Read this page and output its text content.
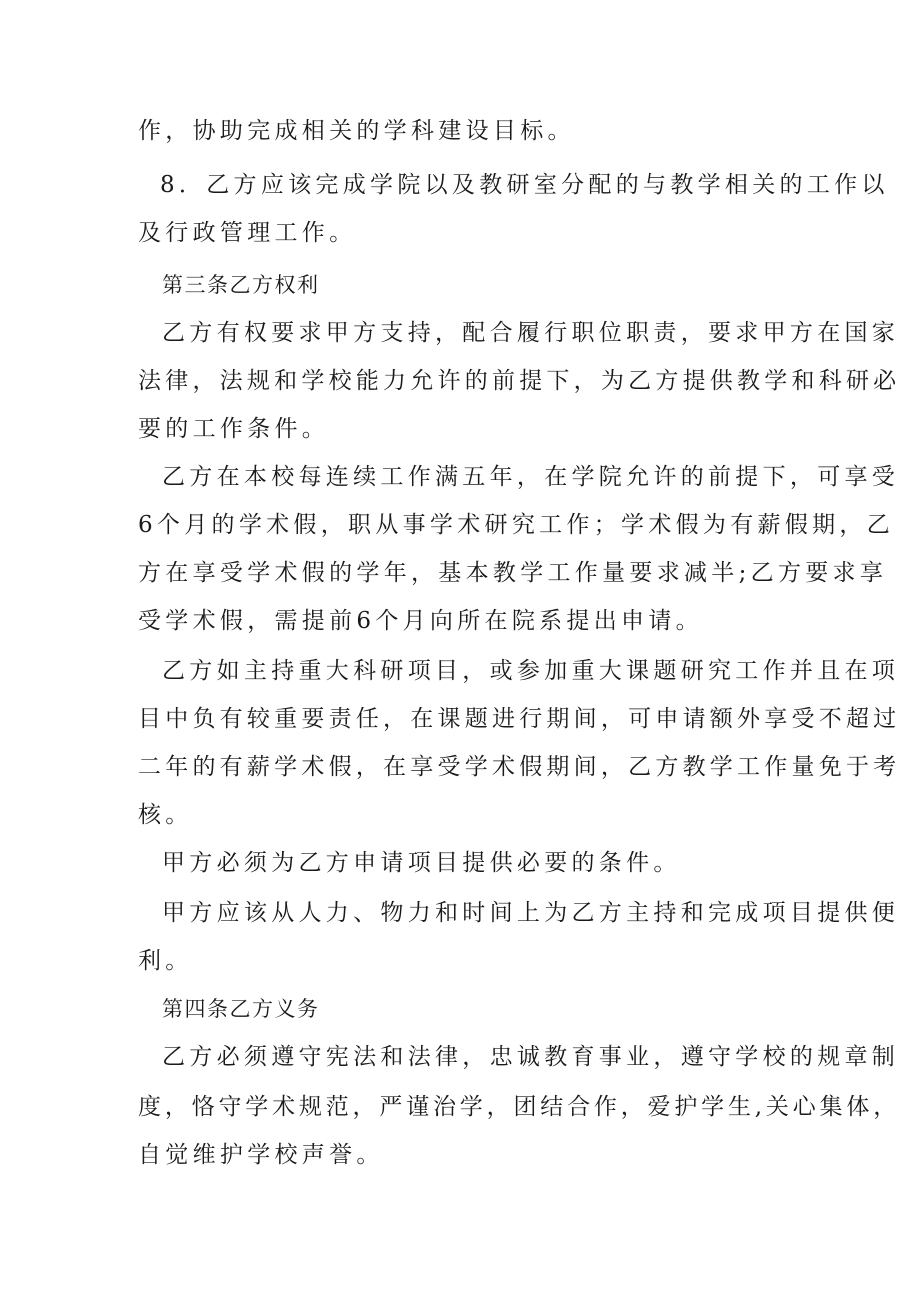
作，协助完成相关的学科建设目标。

8．乙方应该完成学院以及教研室分配的与教学相关的工作以

及行政管理工作。

第三条乙方权利

乙方有权要求甲方支持，配合履行职位职责，要求甲方在国家

法律，法规和学校能力允许的前提下，为乙方提供教学和科研必

要的工作条件。

乙方在本校每连续工作满五年，在学院允许的前提下，可享受

6个月的学术假，职从事学术研究工作；学术假为有薪假期，乙

方在享受学术假的学年，基本教学工作量要求减半;乙方要求享

受学术假，需提前6个月向所在院系提出申请。

乙方如主持重大科研项目，或参加重大课题研究工作并且在项

目中负有较重要责任，在课题进行期间，可申请额外享受不超过

二年的有薪学术假，在享受学术假期间，乙方教学工作量免于考

核。

甲方必须为乙方申请项目提供必要的条件。

甲方应该从人力、物力和时间上为乙方主持和完成项目提供便

利。

第四条乙方义务

乙方必须遵守宪法和法律，忠诚教育事业，遵守学校的规章制

度，恪守学术规范，严谨治学，团结合作，爱护学生,关心集体，

自觉维护学校声誉。
